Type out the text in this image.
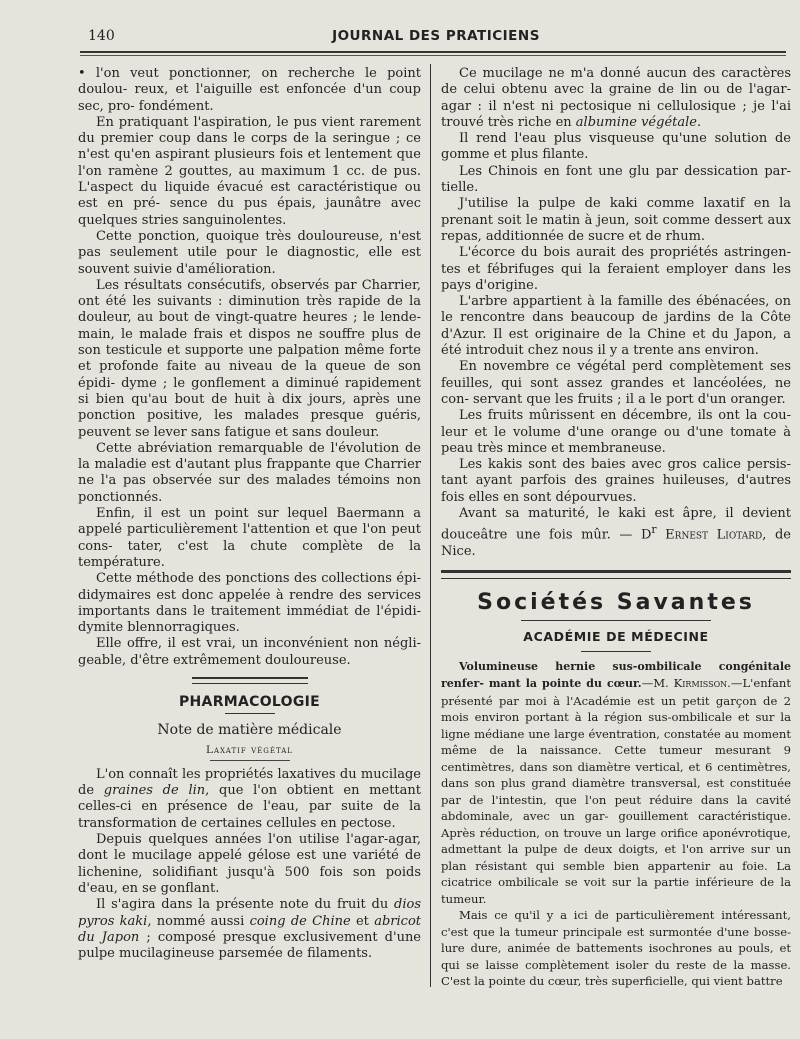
140	JOURNAL DES PRATICIENS

• l'on veut ponctionner, on recherche le point doulou- reux, et l'aiguille est enfoncée d'un coup sec, pro- fondément.

En pratiquant l'aspiration, le pus vient rarement du premier coup dans le corps de la seringue ; ce n'est qu'en aspirant plusieurs fois et lentement que l'on ramène 2 gouttes, au maximum 1 cc. de pus. L'aspect du liquide évacué est caractéristique ou est en pré- sence du pus épais, jaunâtre avec quelques stries sanguinolentes.

Cette ponction, quoique très douloureuse, n'est pas seulement utile pour le diagnostic, elle est souvent suivie d'amélioration.

Les résultats consécutifs, observés par Charrier, ont été les suivants : diminution très rapide de la douleur, au bout de vingt-quatre heures ; le lende- main, le malade frais et dispos ne souffre plus de son testicule et supporte une palpation même forte et profonde faite au niveau de la queue de son épidi- dyme ; le gonflement a diminué rapidement si bien qu'au bout de huit à dix jours, après une ponction positive, les malades presque guéris, peuvent se lever sans fatigue et sans douleur.

Cette abréviation remarquable de l'évolution de la maladie est d'autant plus frappante que Charrier ne l'a pas observée sur des malades témoins non ponctionnés.

Enfin, il est un point sur lequel Baermann a appelé particulièrement l'attention et que l'on peut cons- tater, c'est la chute complète de la température.

Cette méthode des ponctions des collections épi- didymaires est donc appelée à rendre des services importants dans le traitement immédiat de l'épidi- dymite blennorragiques.

Elle offre, il est vrai, un inconvénient non négli- geable, d'être extrêmement douloureuse.

PHARMACOLOGIE
Note de matière médicale
Laxatif végétal

L'on connaît les propriétés laxatives du mucilage de graines de lin, que l'on obtient en mettant celles-ci en présence de l'eau, par suite de la transformation de certaines cellules en pectose.

Depuis quelques années l'on utilise l'agar-agar, dont le mucilage appelé gélose est une variété de lichenine, solidifiant jusqu'à 500 fois son poids d'eau, en se gonflant.

Il s'agira dans la présente note du fruit du dios pyros kaki, nommé aussi coing de Chine et abricot du Japon ; composé presque exclusivement d'une pulpe mucilagineuse parsemée de filaments.

Ce mucilage ne m'a donné aucun des caractères de celui obtenu avec la graine de lin ou de l'agar- agar : il n'est ni pectosique ni cellulosique ; je l'ai trouvé très riche en albumine végétale.

Il rend l'eau plus visqueuse qu'une solution de gomme et plus filante.

Les Chinois en font une glu par dessication par- tielle.

J'utilise la pulpe de kaki comme laxatif en la prenant soit le matin à jeun, soit comme dessert aux repas, additionnée de sucre et de rhum.

L'écorce du bois aurait des propriétés astringen- tes et fébrifuges qui la feraient employer dans les pays d'origine.

L'arbre appartient à la famille des ébénacées, on le rencontre dans beaucoup de jardins de la Côte d'Azur. Il est originaire de la Chine et du Japon, a été introduit chez nous il y a trente ans environ.

En novembre ce végétal perd complètement ses feuilles, qui sont assez grandes et lancéolées, ne con- servant que les fruits ; il a le port d'un oranger.

Les fruits mûrissent en décembre, ils ont la cou- leur et le volume d'une orange ou d'une tomate à peau très mince et membraneuse.

Les kakis sont des baies avec gros calice persis- tant ayant parfois des graines huileuses, d'autres fois elles en sont dépourvues.

Avant sa maturité, le kaki est âpre, il devient douceâtre une fois mûr. — $D^r$ Ernest Liotard, de Nice.

Sociétés Savantes
ACADÉMIE DE MÉDECINE

Volumineuse hernie sus-ombilicale congénitale renfer- mant la pointe du cœur.—M. Kirmisson.—L'enfant présenté par moi à l'Académie est un petit garçon de 2 mois environ portant à la région sus-ombilicale et sur la ligne médiane une large éventration, constatée au moment même de la naissance. Cette tumeur mesurant 9 centimètres, dans son diamètre vertical, et 6 centimètres, dans son plus grand diamètre transversal, est constituée par de l'intestin, que l'on peut réduire dans la cavité abdominale, avec un gar- gouillement caractéristique. Après réduction, on trouve un large orifice aponévrotique, admettant la pulpe de deux doigts, et l'on arrive sur un plan résistant qui semble bien appartenir au foie. La cicatrice ombilicale se voit sur la partie inférieure de la tumeur.

Mais ce qu'il y a ici de particulièrement intéressant, c'est que la tumeur principale est surmontée d'une bosse- lure dure, animée de battements isochrones au pouls, et qui se laisse complètement isoler du reste de la masse. C'est la pointe du cœur, très superficielle, qui vient battre
